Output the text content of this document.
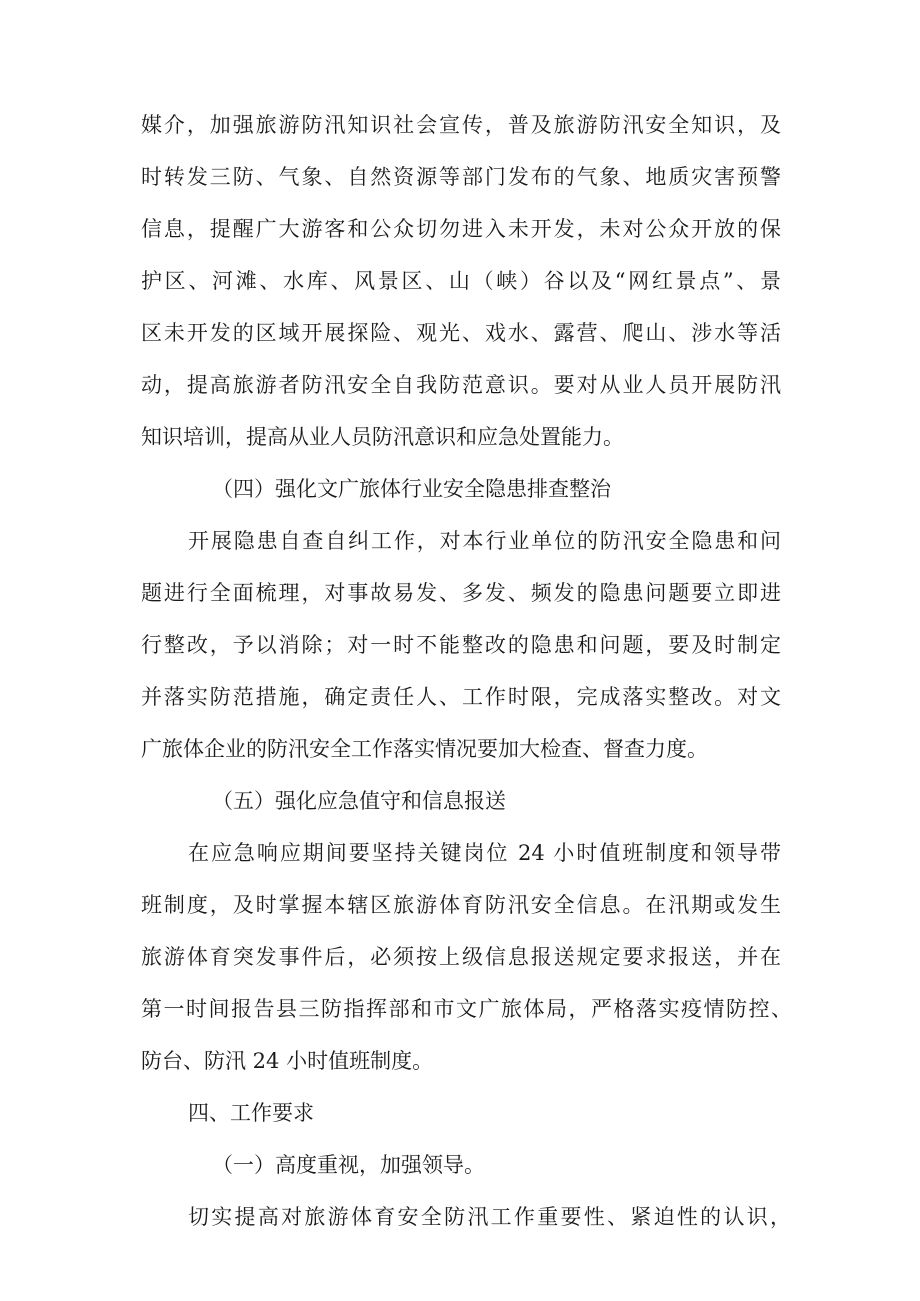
媒介，加强旅游防汛知识社会宣传，普及旅游防汛安全知识，及
时转发三防、气象、自然资源等部门发布的气象、地质灾害预警
信息，提醒广大游客和公众切勿进入未开发，未对公众开放的保
护区、河滩、水库、风景区、山（峡）谷以及“网红景点”、景
区未开发的区域开展探险、观光、戏水、露营、爬山、涉水等活
动，提高旅游者防汛安全自我防范意识。要对从业人员开展防汛
知识培训，提高从业人员防汛意识和应急处置能力。
（四）强化文广旅体行业安全隐患排查整治
开展隐患自查自纠工作，对本行业单位的防汛安全隐患和问
题进行全面梳理，对事故易发、多发、频发的隐患问题要立即进
行整改，予以消除；对一时不能整改的隐患和问题，要及时制定
并落实防范措施，确定责任人、工作时限，完成落实整改。对文
广旅体企业的防汛安全工作落实情况要加大检查、督查力度。
（五）强化应急值守和信息报送
在应急响应期间要坚持关键岗位 24 小时值班制度和领导带
班制度，及时掌握本辖区旅游体育防汛安全信息。在汛期或发生
旅游体育突发事件后，必须按上级信息报送规定要求报送，并在
第一时间报告县三防指挥部和市文广旅体局，严格落实疫情防控、
防台、防汛 24 小时值班制度。
四、工作要求
（一）高度重视，加强领导。
切实提高对旅游体育安全防汛工作重要性、紧迫性的认识，
